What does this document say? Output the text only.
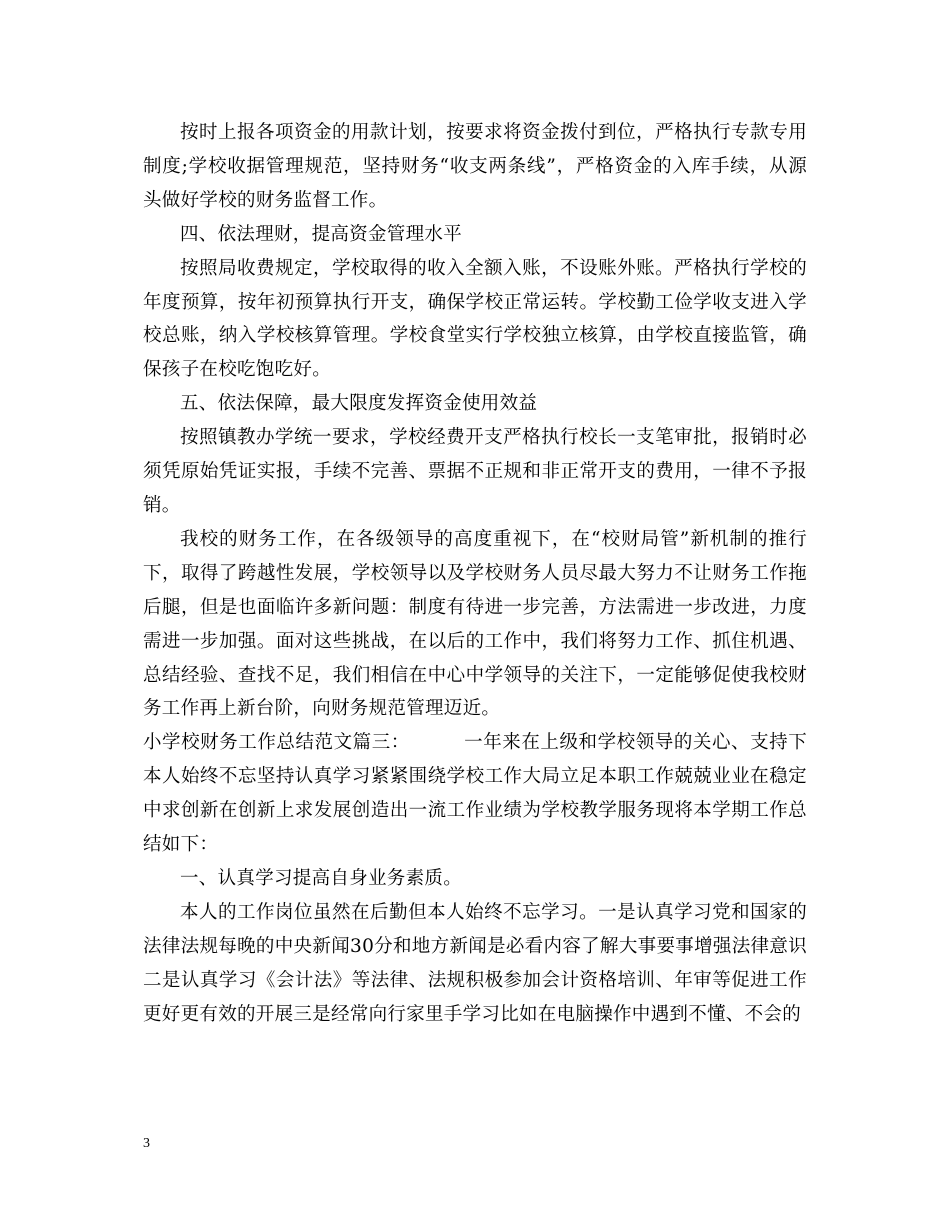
按时上报各项资金的用款计划，按要求将资金拨付到位，严格执行专款专用制度;学校收据管理规范，坚持财务“收支两条线”，严格资金的入库手续，从源头做好学校的财务监督工作。

四、依法理财，提高资金管理水平

按照局收费规定，学校取得的收入全额入账，不设账外账。严格执行学校的年度预算，按年初预算执行开支，确保学校正常运转。学校勤工俭学收支进入学校总账，纳入学校核算管理。学校食堂实行学校独立核算，由学校直接监管，确保孩子在校吃饱吃好。

五、依法保障，最大限度发挥资金使用效益

按照镇教办学统一要求，学校经费开支严格执行校长一支笔审批，报销时必须凭原始凭证实报，手续不完善、票据不正规和非正常开支的费用，一律不予报销。

我校的财务工作，在各级领导的高度重视下，在“校财局管”新机制的推行下，取得了跨越性发展，学校领导以及学校财务人员尽最大努力不让财务工作拖后腿，但是也面临许多新问题：制度有待进一步完善，方法需进一步改进，力度需进一步加强。面对这些挑战，在以后的工作中，我们将努力工作、抓住机遇、总结经验、查找不足，我们相信在中心中学领导的关注下，一定能够促使我校财务工作再上新台阶，向财务规范管理迈近。

小学校财务工作总结范文篇三：	一年来在上级和学校领导的关心、支持下本人始终不忘坚持认真学习紧紧围绕学校工作大局立足本职工作兢兢业业在稳定中求创新在创新上求发展创造出一流工作业绩为学校教学服务现将本学期工作总结如下：

一、认真学习提高自身业务素质。

本人的工作岗位虽然在后勤但本人始终不忘学习。一是认真学习党和国家的法律法规每晚的中央新闻30分和地方新闻是必看内容了解大事要事增强法律意识二是认真学习《会计法》等法律、法规积极参加会计资格培训、年审等促进工作更好更有效的开展三是经常向行家里手学习比如在电脑操作中遇到不懂、不会的

3
